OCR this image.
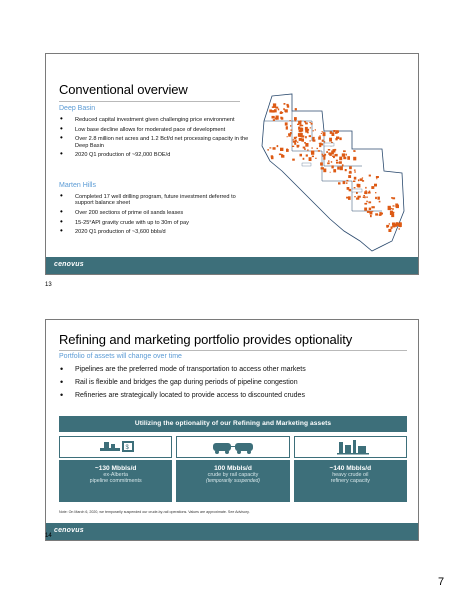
Conventional overview
Deep Basin
• Reduced capital investment given challenging price environment
• Low base decline allows for moderated pace of development
• Over 2.8 million net acres and 1.2 Bcf/d net processing capacity in the Deep Basin
• 2020 Q1 production of ~92,000 BOE/d
Marten Hills
• Completed 17 well drilling program, future investment deferred to support balance sheet
• Over 200 sections of prime oil sands leases
• 15-25°API gravity crude with up to 30m of pay
• 2020 Q1 production of ~3,600 bbls/d
cenovus
13
Refining and marketing portfolio provides optionality
Portfolio of assets will change over time
• Pipelines are the preferred mode of transportation to access other markets
• Rail is flexible and bridges the gap during periods of pipeline congestion
• Refineries are strategically located to provide access to discounted crudes
Utilizing the optionality of our Refining and Marketing assets
$
~130 Mbbls/d
ex-Alberta
pipeline commitments
100 Mbbls/d
crude by rail capacity
(temporarily suspended)
~140 Mbbls/d
heavy crude oil
refinery capacity
Note: On March 6, 2020, we temporarily suspended our crude-by-rail operations. Values are approximate. See Advisory.
cenovus
14
7
